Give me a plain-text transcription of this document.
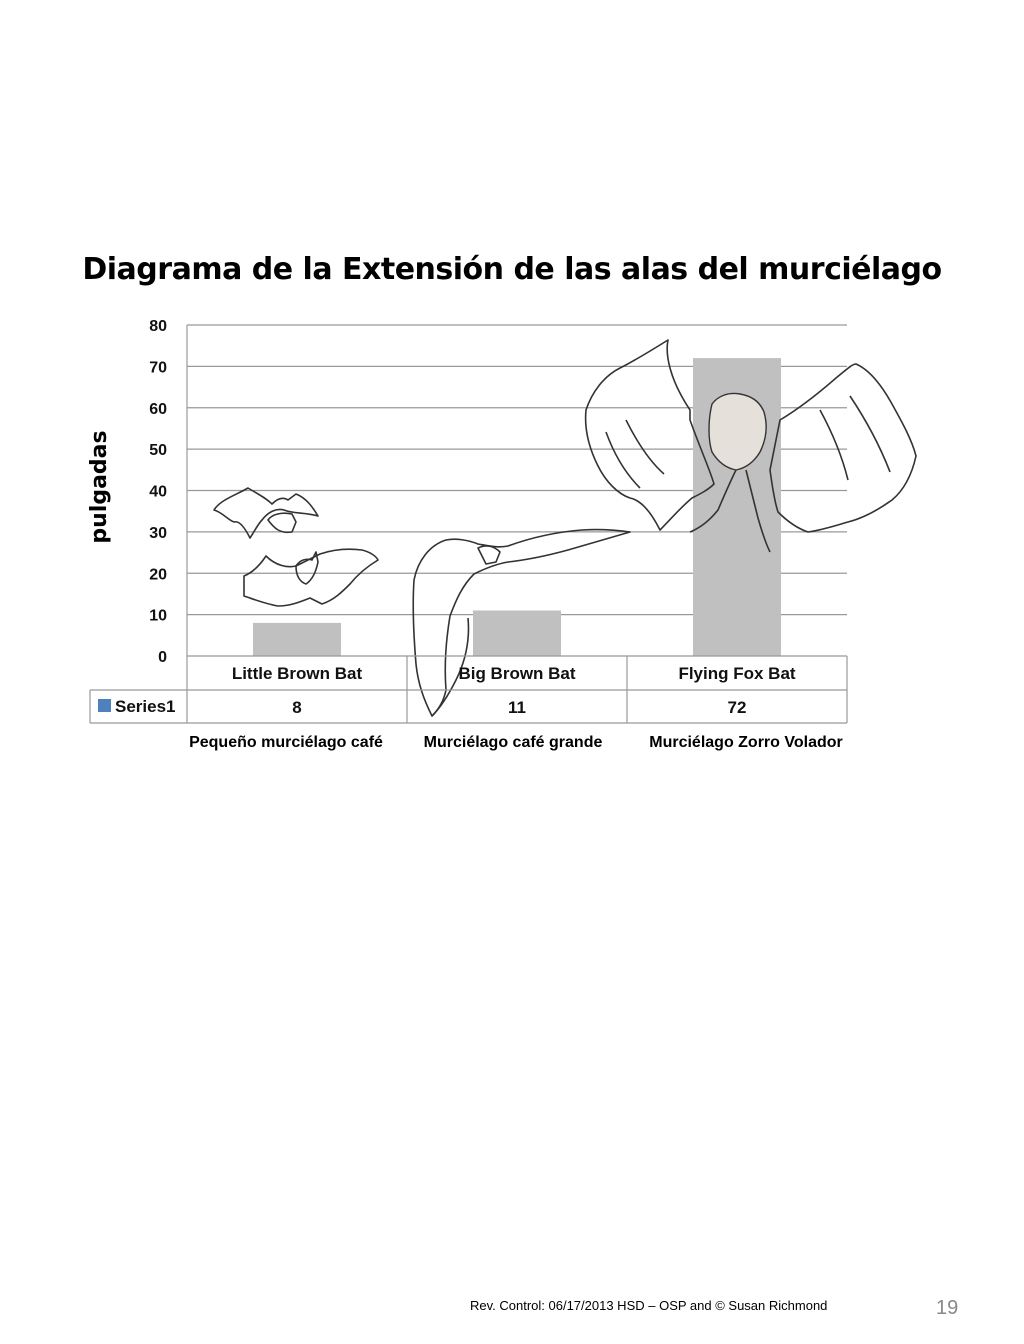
Diagrama de la Extensión de las alas del murciélago
0
10
20
30
40
50
60
70
80
Little Brown Bat	Big Brown Bat	Flying Fox Bat
8	11	72
pulgadas
Series1
Pequeño murciélago café	Murciélago café grande	Murciélago Zorro Volador
Rev. Control: 06/17/2013 HSD – OSP and © Susan Richmond	19
